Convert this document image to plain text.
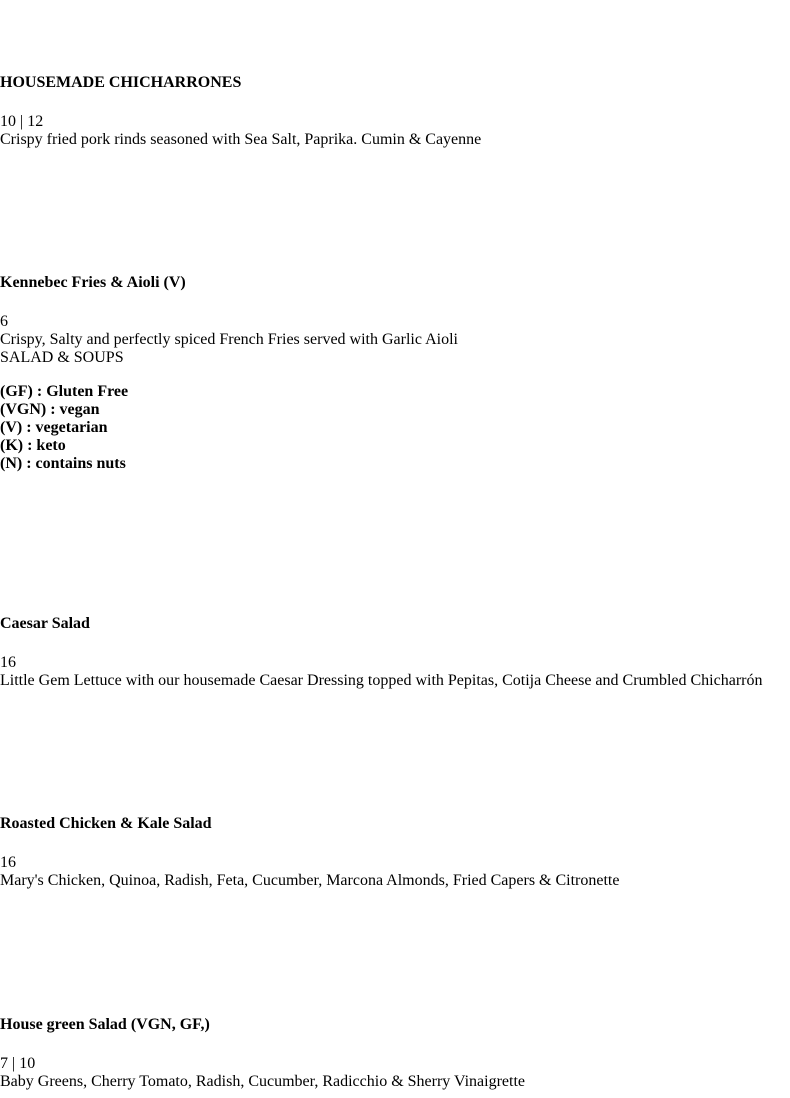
HOUSEMADE CHICHARRONES
10 | 12
Crispy fried pork rinds seasoned with Sea Salt, Paprika. Cumin & Cayenne
Kennebec Fries & Aioli (V)
6
Crispy, Salty and perfectly spiced French Fries served with Garlic Aioli
SALAD & SOUPS
(GF) : Gluten Free
(VGN) : vegan
(V) : vegetarian
(K) : keto
(N) : contains nuts
Caesar Salad
16
Little Gem Lettuce with our housemade Caesar Dressing topped with Pepitas, Cotija Cheese and Crumbled Chicharrón
Roasted Chicken & Kale Salad
16
Mary's Chicken, Quinoa, Radish, Feta, Cucumber, Marcona Almonds, Fried Capers & Citronette
House green Salad (VGN, GF,)
7 | 10
Baby Greens, Cherry Tomato, Radish, Cucumber, Radicchio & Sherry Vinaigrette
